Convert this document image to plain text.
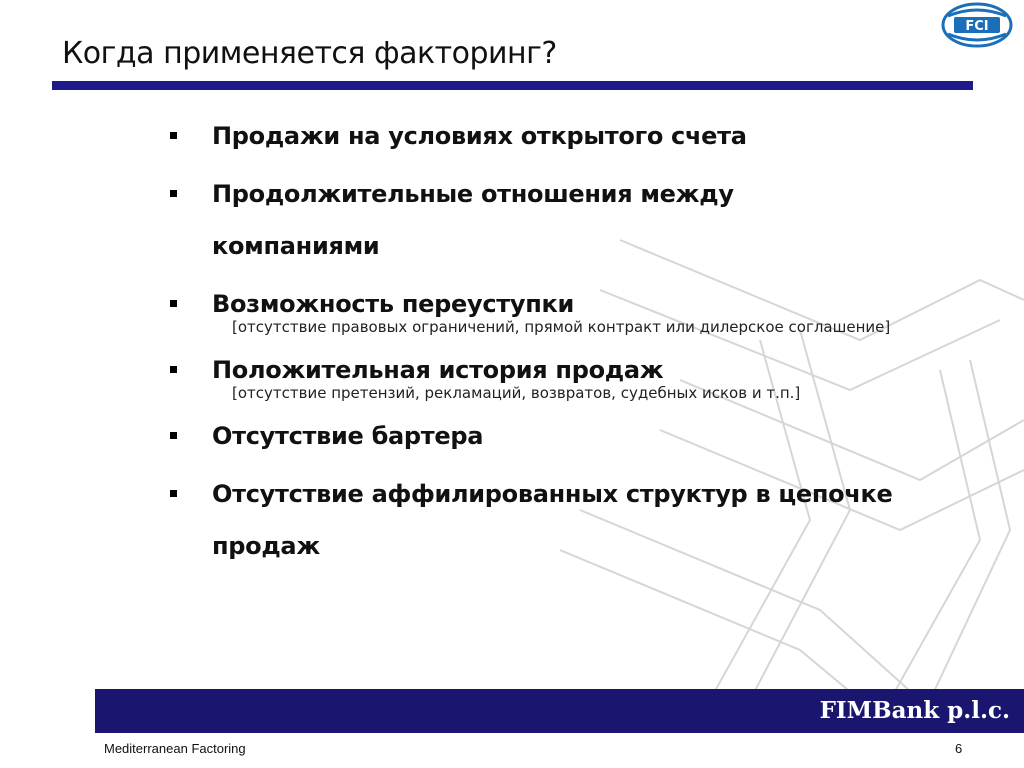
Когда применяется факторинг?
FCI
Продажи на условиях открытого счета
Продолжительные отношения между компаниями
Возможность переуступки
[отсутствие правовых ограничений, прямой контракт или дилерское соглашение]
Положительная история продаж
[отсутствие претензий, рекламаций, возвратов, судебных исков и т.п.]
Отсутствие бартера
Отсутствие аффилированных структур в цепочке продаж
FIMBank p.l.c.
Mediterranean Factoring	6
